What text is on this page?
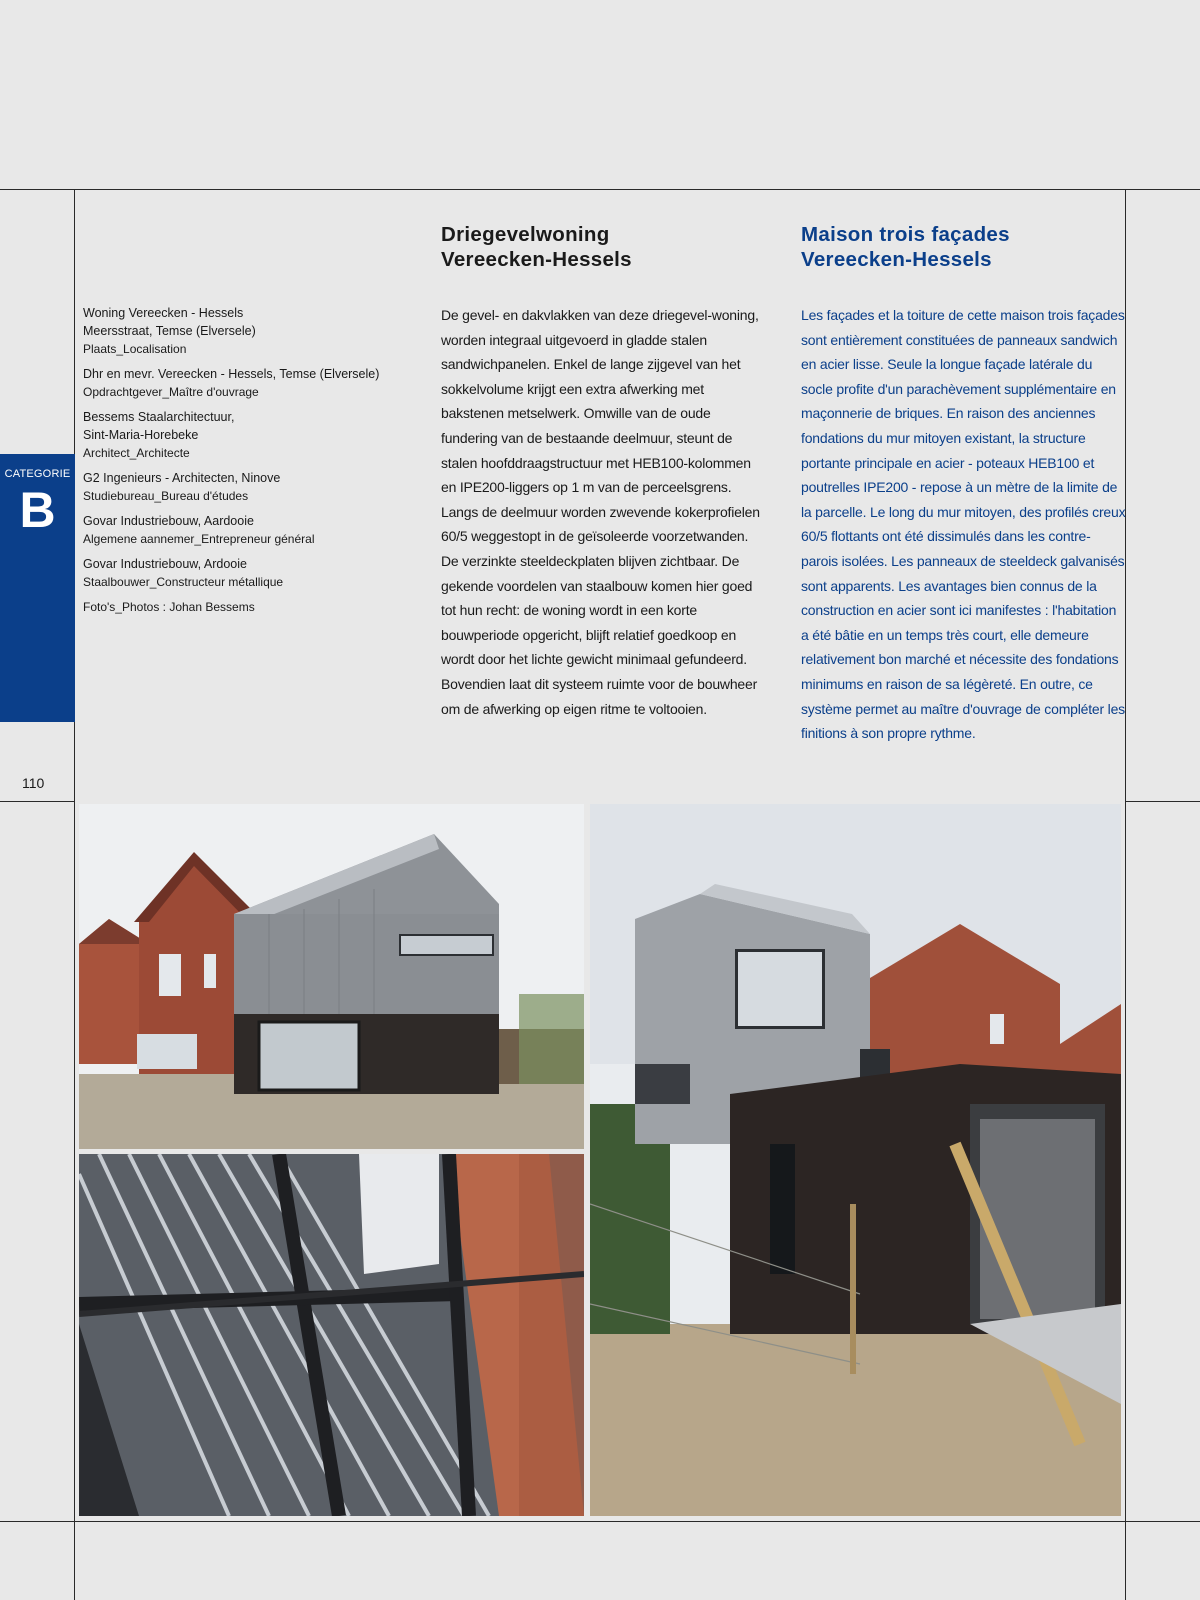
CATEGORIE
B
110
Woning Vereecken - Hessels
Meersstraat, Temse (Elversele)
Plaats_Localisation
Dhr en mevr. Vereecken - Hessels, Temse (Elversele)
Opdrachtgever_Maître d'ouvrage
Bessems Staalarchitectuur,
Sint-Maria-Horebeke
Architect_Architecte
G2 Ingenieurs - Architecten, Ninove
Studiebureau_Bureau d'études
Govar Industriebouw, Aardooie
Algemene aannemer_Entrepreneur général
Govar Industriebouw, Ardooie
Staalbouwer_Constructeur métallique
Foto's_Photos : Johan Bessems
Driegevelwoning
Vereecken-Hessels

De gevel- en dakvlakken van deze driegevel-woning, worden integraal uitgevoerd in gladde stalen sandwichpanelen. Enkel de lange zijgevel van het sokkelvolume krijgt een extra afwerking met bakstenen metselwerk. Omwille van de oude fundering van de bestaande deelmuur, steunt de stalen hoofddraagstructuur met HEB100-kolommen en IPE200-liggers op 1 m van de perceelsgrens. Langs de deelmuur worden zwevende kokerprofielen 60/5 weggestopt in de geïsoleerde voorzetwanden. De verzinkte steeldeckplaten blijven zichtbaar. De gekende voordelen van staalbouw komen hier goed tot hun recht: de woning wordt in een korte bouwperiode opgericht, blijft relatief goedkoop en wordt door het lichte gewicht minimaal gefundeerd. Bovendien laat dit systeem ruimte voor de bouwheer om de afwerking op eigen ritme te voltooien.

Maison trois façades
Vereecken-Hessels

Les façades et la toiture de cette maison trois façades sont entièrement constituées de panneaux sandwich en acier lisse. Seule la longue façade latérale du socle profite d'un parachèvement supplémentaire en maçonnerie de briques. En raison des anciennes fondations du mur mitoyen existant, la structure portante principale en acier - poteaux HEB100 et poutrelles IPE200 - repose à un mètre de la limite de la parcelle. Le long du mur mitoyen, des profilés creux 60/5 flottants ont été dissimulés dans les contre-parois isolées. Les panneaux de steeldeck galvanisés sont apparents. Les avantages bien connus de la construction en acier sont ici manifestes : l'habitation a été bâtie en un temps très court, elle demeure relativement bon marché et nécessite des fondations minimums en raison de sa légèreté. En outre, ce système permet au maître d'ouvrage de compléter les finitions à son propre rythme.
